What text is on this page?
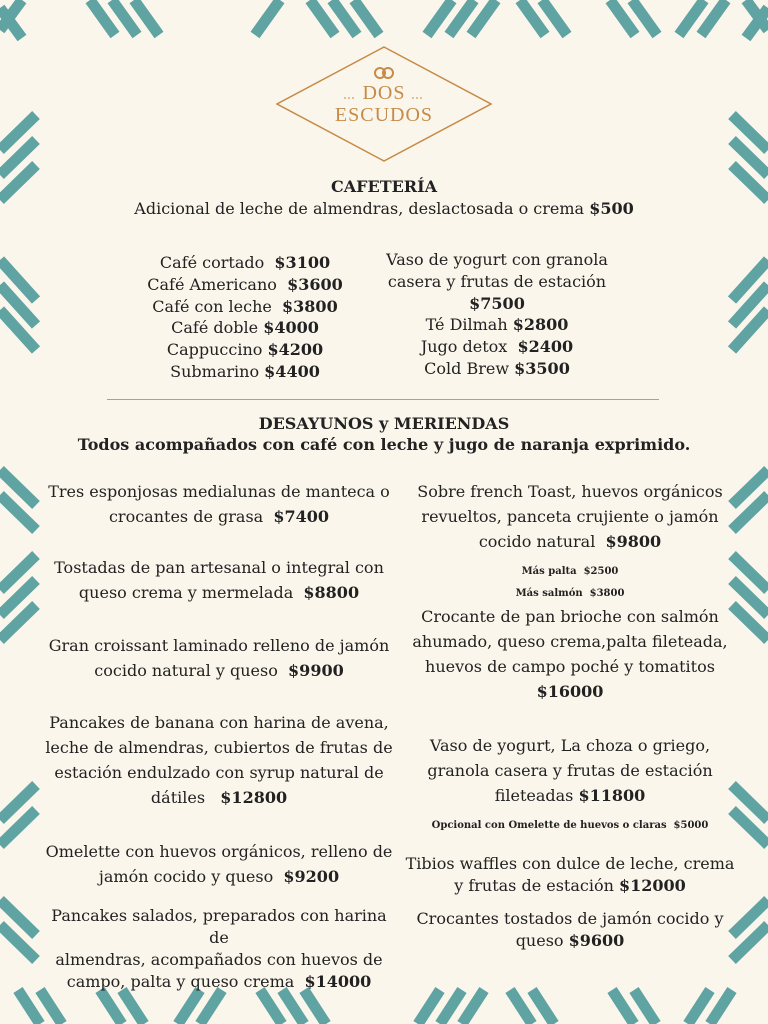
DOS
ESCUDOS
CAFETERÍA
Adicional de leche de almendras, deslactosada o crema $500
Café cortado $3100
Café Americano $3600
Café con leche $3800
Café doble $4000
Cappuccino $4200
Submarino $4400
Vaso de yogurt con granola
casera y frutas de estación
$7500
Té Dilmah $2800
Jugo detox $2400
Cold Brew $3500
DESAYUNOS y MERIENDAS
Todos acompañados con café con leche y jugo de naranja exprimido.
Tres esponjosas medialunas de manteca o
crocantes de grasa $7400
Tostadas de pan artesanal o integral con
queso crema y mermelada $8800
Gran croissant laminado relleno de jamón
cocido natural y queso $9900
Pancakes de banana con harina de avena,
leche de almendras, cubiertos de frutas de
estación endulzado con syrup natural de
dátiles $12800
Omelette con huevos orgánicos, relleno de
jamón cocido y queso $9200
Pancakes salados, preparados con harina de
almendras, acompañados con huevos de
campo, palta y queso crema $14000
Sobre french Toast, huevos orgánicos
revueltos, panceta crujiente o jamón
cocido natural $9800
Más palta $2500
Más salmón $3800
Crocante de pan brioche con salmón
ahumado, queso crema,palta fileteada,
huevos de campo poché y tomatitos
$16000
Vaso de yogurt, La choza o griego,
granola casera y frutas de estación
fileteadas $11800
Opcional con Omelette de huevos o claras $5000
Tibios waffles con dulce de leche, crema
y frutas de estación $12000
Crocantes tostados de jamón cocido y
queso $9600
